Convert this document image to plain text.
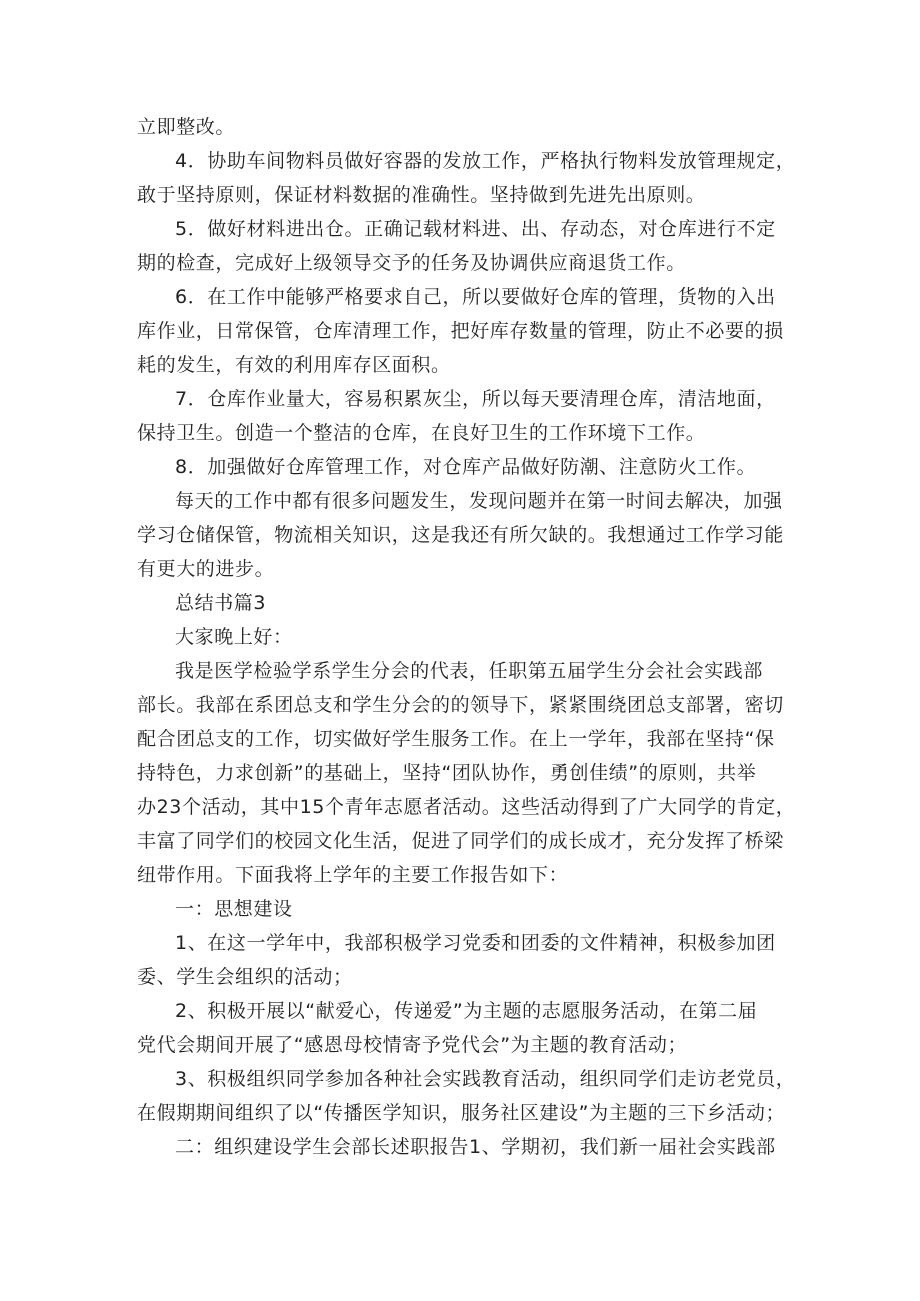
立即整改。
4．协助车间物料员做好容器的发放工作，严格执行物料发放管理规定，
敢于坚持原则，保证材料数据的准确性。坚持做到先进先出原则。
5．做好材料进出仓。正确记载材料进、出、存动态，对仓库进行不定
期的检查，完成好上级领导交予的任务及协调供应商退货工作。
6．在工作中能够严格要求自己，所以要做好仓库的管理，货物的入出
库作业，日常保管，仓库清理工作，把好库存数量的管理，防止不必要的损
耗的发生，有效的利用库存区面积。
7．仓库作业量大，容易积累灰尘，所以每天要清理仓库，清洁地面，
保持卫生。创造一个整洁的仓库，在良好卫生的工作环境下工作。
8．加强做好仓库管理工作，对仓库产品做好防潮、注意防火工作。
每天的工作中都有很多问题发生，发现问题并在第一时间去解决，加强
学习仓储保管，物流相关知识，这是我还有所欠缺的。我想通过工作学习能
有更大的进步。
总结书篇3
大家晚上好：
我是医学检验学系学生分会的代表，任职第五届学生分会社会实践部
部长。我部在系团总支和学生分会的的领导下，紧紧围绕团总支部署，密切
配合团总支的工作，切实做好学生服务工作。在上一学年，我部在坚持“保
持特色，力求创新”的基础上，坚持“团队协作，勇创佳绩”的原则，共举
办23个活动，其中15个青年志愿者活动。这些活动得到了广大同学的肯定，
丰富了同学们的校园文化生活，促进了同学们的成长成才，充分发挥了桥梁
纽带作用。下面我将上学年的主要工作报告如下：
一：思想建设
1、在这一学年中，我部积极学习党委和团委的文件精神，积极参加团
委、学生会组织的活动；
2、积极开展以“献爱心，传递爱”为主题的志愿服务活动，在第二届
党代会期间开展了“感恩母校情寄予党代会”为主题的教育活动；
3、积极组织同学参加各种社会实践教育活动，组织同学们走访老党员，
在假期期间组织了以“传播医学知识，服务社区建设”为主题的三下乡活动；
二：组织建设学生会部长述职报告1、学期初，我们新一届社会实践部
